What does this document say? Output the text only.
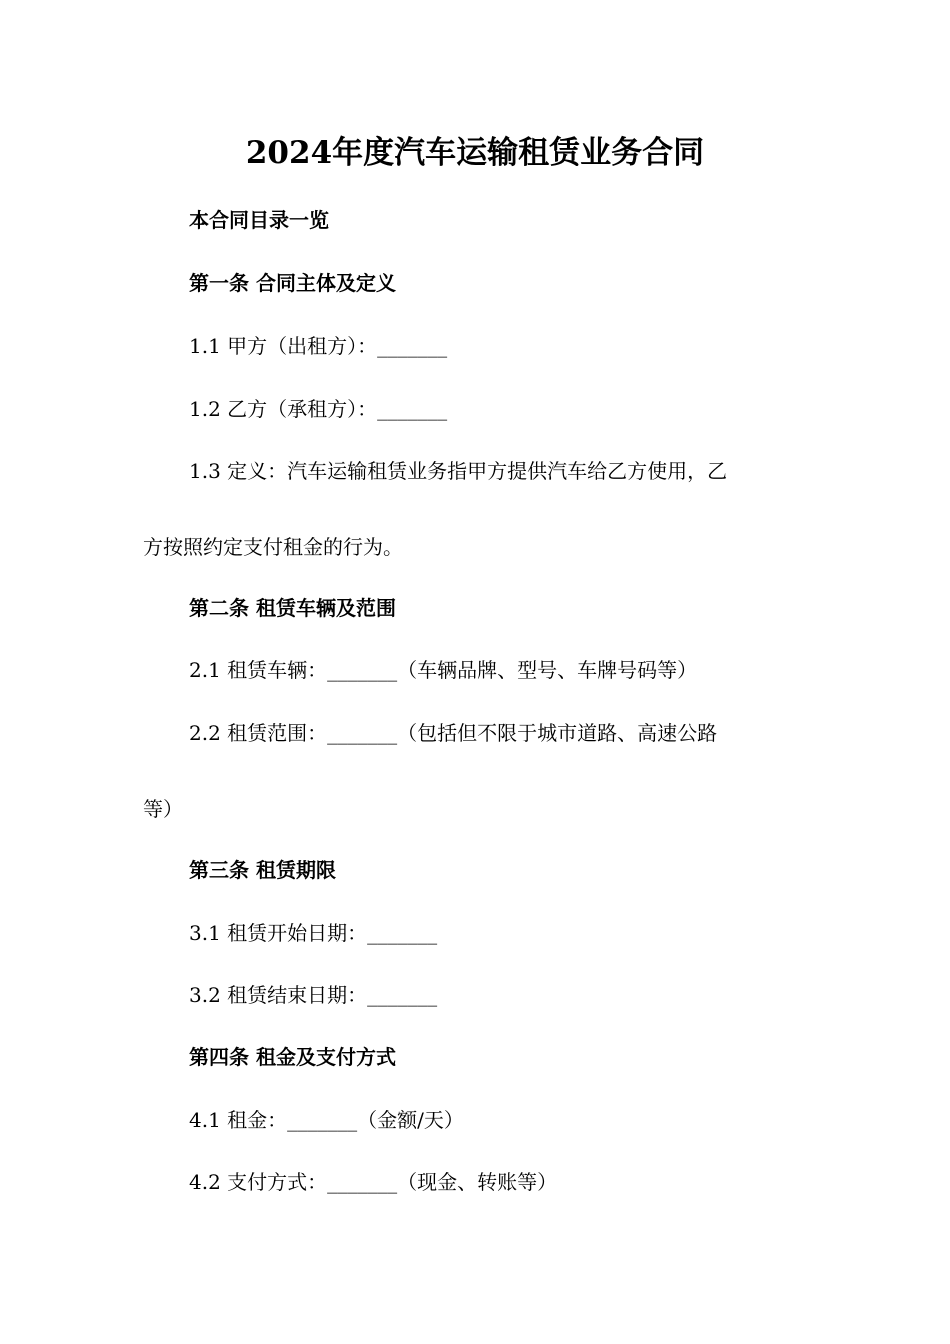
2024年度汽车运输租赁业务合同
本合同目录一览
第一条 合同主体及定义
1.1 甲方（出租方）：_______
1.2 乙方（承租方）：_______
1.3 定义：汽车运输租赁业务指甲方提供汽车给乙方使用，乙
方按照约定支付租金的行为。
第二条 租赁车辆及范围
2.1 租赁车辆：_______（车辆品牌、型号、车牌号码等）
2.2 租赁范围：_______（包括但不限于城市道路、高速公路
等）
第三条 租赁期限
3.1 租赁开始日期：_______
3.2 租赁结束日期：_______
第四条 租金及支付方式
4.1 租金：_______（金额/天）
4.2 支付方式：_______（现金、转账等）
